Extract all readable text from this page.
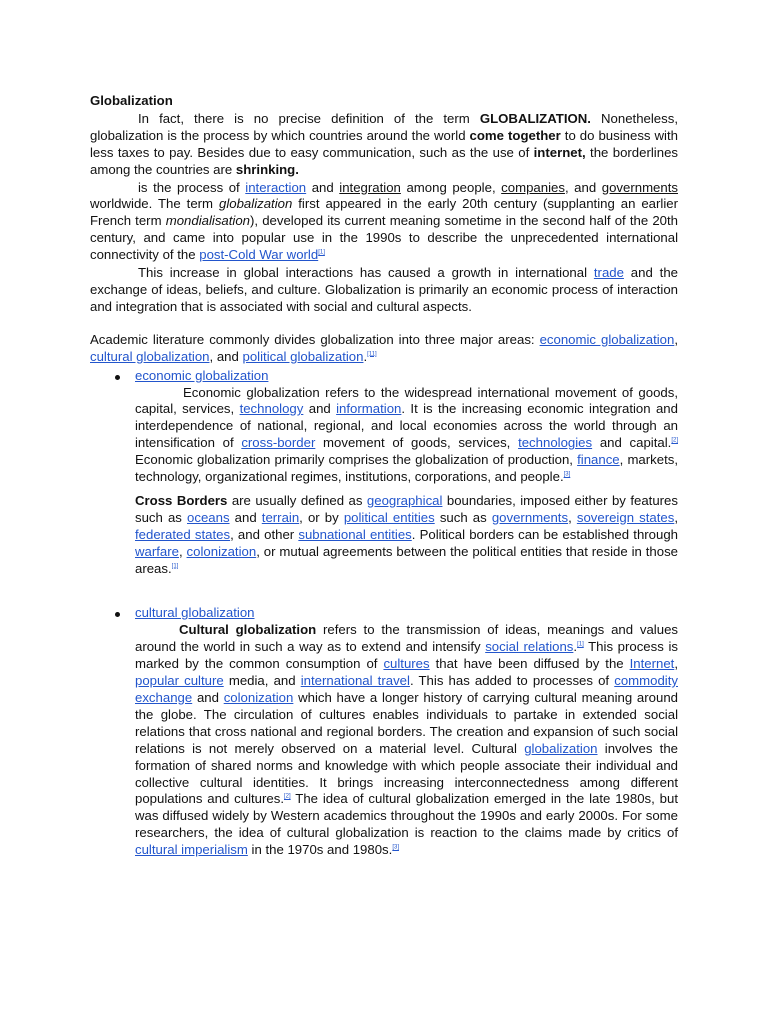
Globalization

In fact, there is no precise definition of the term GLOBALIZATION. Nonetheless, globalization is the process by which countries around the world come together to do business with less taxes to pay. Besides due to easy communication, such as the use of internet, the borderlines among the countries are shrinking.

is the process of interaction and integration among people, companies, and governments worldwide. The term globalization first appeared in the early 20th century (supplanting an earlier French term mondialisation), developed its current meaning sometime in the second half of the 20th century, and came into popular use in the 1990s to describe the unprecedented international connectivity of the post-Cold War world[1]

This increase in global interactions has caused a growth in international trade and the exchange of ideas, beliefs, and culture. Globalization is primarily an economic process of interaction and integration that is associated with social and cultural aspects.

Academic literature commonly divides globalization into three major areas: economic globalization, cultural globalization, and political globalization.[11]

economic globalization

Economic globalization refers to the widespread international movement of goods, capital, services, technology and information. It is the increasing economic integration and interdependence of national, regional, and local economies across the world through an intensification of cross-border movement of goods, services, technologies and capital.[2] Economic globalization primarily comprises the globalization of production, finance, markets, technology, organizational regimes, institutions, corporations, and people.[3]

Cross Borders are usually defined as geographical boundaries, imposed either by features such as oceans and terrain, or by political entities such as governments, sovereign states, federated states, and other subnational entities. Political borders can be established through warfare, colonization, or mutual agreements between the political entities that reside in those areas.[1]

cultural globalization

Cultural globalization refers to the transmission of ideas, meanings and values around the world in such a way as to extend and intensify social relations.[1] This process is marked by the common consumption of cultures that have been diffused by the Internet, popular culture media, and international travel. This has added to processes of commodity exchange and colonization which have a longer history of carrying cultural meaning around the globe. The circulation of cultures enables individuals to partake in extended social relations that cross national and regional borders. The creation and expansion of such social relations is not merely observed on a material level. Cultural globalization involves the formation of shared norms and knowledge with which people associate their individual and collective cultural identities. It brings increasing interconnectedness among different populations and cultures.[2] The idea of cultural globalization emerged in the late 1980s, but was diffused widely by Western academics throughout the 1990s and early 2000s. For some researchers, the idea of cultural globalization is reaction to the claims made by critics of cultural imperialism in the 1970s and 1980s.[3]
